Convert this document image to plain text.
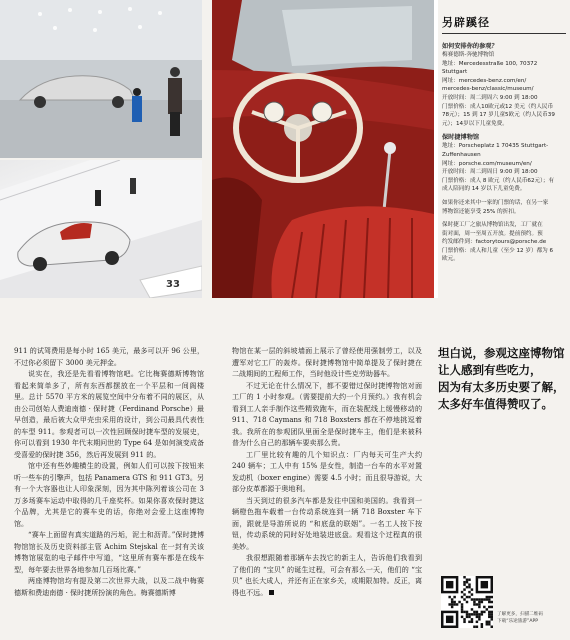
33
另辟蹊径
如何安排你的参观？
梅赛德斯-奔驰博物馆
地址：Mercedesstraße 100, 70372
Stuttgart
网址：mercedes-benz.com/en/
mercedes-benz/classic/museum/
开放时间：周二到周六 9:00 到 18:00
门票价格：成人10欧元或12 美元（约人民币
78元）；15 到 17 岁儿童5欧元（约人民币39
元）；14岁以下儿童免费。
保时捷博物馆
地址：Porscheplatz 1 70435 Stuttgart-
Zuffenhausen
网址：porsche.com/museum/en/
开放时间：周二到周日 9:00 到 18:00
门票价格：成人 8 欧元（约人民币62元）；有
成人陪同的 14 岁以下儿童免费。
如果你还来其中一家的门票的话，在另一家
博物馆还能享受 25% 的折扣。
保时捷工厂之旅从博物馆出发，工厂就在
街对面，周一至周五开放。提前预约。预
约发邮件到：factorytours@porsche.de
门票价格：成人和儿童（至少 12 岁）都为 6
欧元。

911 的试驾费用是每小时 165 美元，最多可以开 96 公里，不过你必须留下 3000 美元押金。

说实在，我还是先看看博物馆吧。它比梅赛德斯博物馆看起来简单多了，所有东西都摆放在一个平层和一间阁楼里。总计 5570 平方米的展览空间中分布着不同的展区，从由公司创始人费迪南德 · 保时捷（Ferdinand Porsche）最早创造，最后被大众甲壳虫采用的设计，到公司最具代表性的车型 911。参观者可以一次性回顾保时捷车型的发展史，你可以看到 1930 年代末期问世的 Type 64 是如何演变成备受喜爱的保时捷 356，然后再发展到 911 的。

馆中还有些妙趣横生的设置，例如人们可以按下按钮来听一些车的引擎声，包括 Panamera GTS 和 911 GT3。另有一个大容器也让人印象深刻，因为其中陈列着该公司在 3 万多场赛车运动中取得的几千座奖杯。如果你喜欢保时捷这个品牌，尤其是它的赛车史的话，你绝对会爱上这座博物馆。

“赛车上面留有真实道路的污垢，泥土和沥青。”保时捷博物馆馆长及历史资料部主管 Achim Stejskal 在一封有关该博物馆展览的电子邮件中写道，“这里所有赛车都是在线车型，每年要去世界各地参加几百场比赛。”

两座博物馆均有提及第二次世界大战，以及二战中梅赛德斯和费迪南德 · 保时捷所扮演的角色。梅赛德斯博

物馆在某一层的斜坡墙面上展示了曾经使用强制劳工，以及遭军对它工厂的轰炸。保时捷博物馆中简单提及了保时捷在二战期间的工程师工作，当时他设计些克劳助器车。

不过无论在什么情况下，都不要错过保时捷博物馆对面工厂的 1 小时参观。（需要提前大约一个月预约。）我有机会看到工人亲手制作这些精致跑车，而在装配线上缓慢移动的 911、718 Caymans 和 718 Boxsters 都在不停地挑逗着我。我所在的参观团队里面全是保时捷车主，他们是来被科普为什么自己的那辆车要卖那么贵。

工厂里比较有趣的几个知识点：厂内每天可生产大约 240 辆车；工人中有 15% 是女性，制造一台车的水平对置发动机（boxer engine）需要 4.5 小时；而且很导游说，大部分皮革都源于奥地利。

当天到过的很多汽车都是发往中国和美国的。我看到一辆橙色拖车载着一台传动系统连到一辆 718 Boxster 车下面，跟就是导游所说的 “和底盘的联姻”。一名工人按下按钮，传动系统的同时好处地装进底盘。观看这个过程真的很美妙。

我很想跟随着那辆车去找它的新主人，告诉他们我看到了他们的 “宝贝” 的诞生过程，可会有那么一天，他们的 “宝贝” 也长大成人，并还有正在家乡关，或期限加特。反正，离得也不远。

坦白说，参观这座博物馆
让人感到有些吃力，
因为有太多历史要了解，
太多好车值得赞叹了。
了解更多，扫描二维码
下载“乐途旅游”APP
